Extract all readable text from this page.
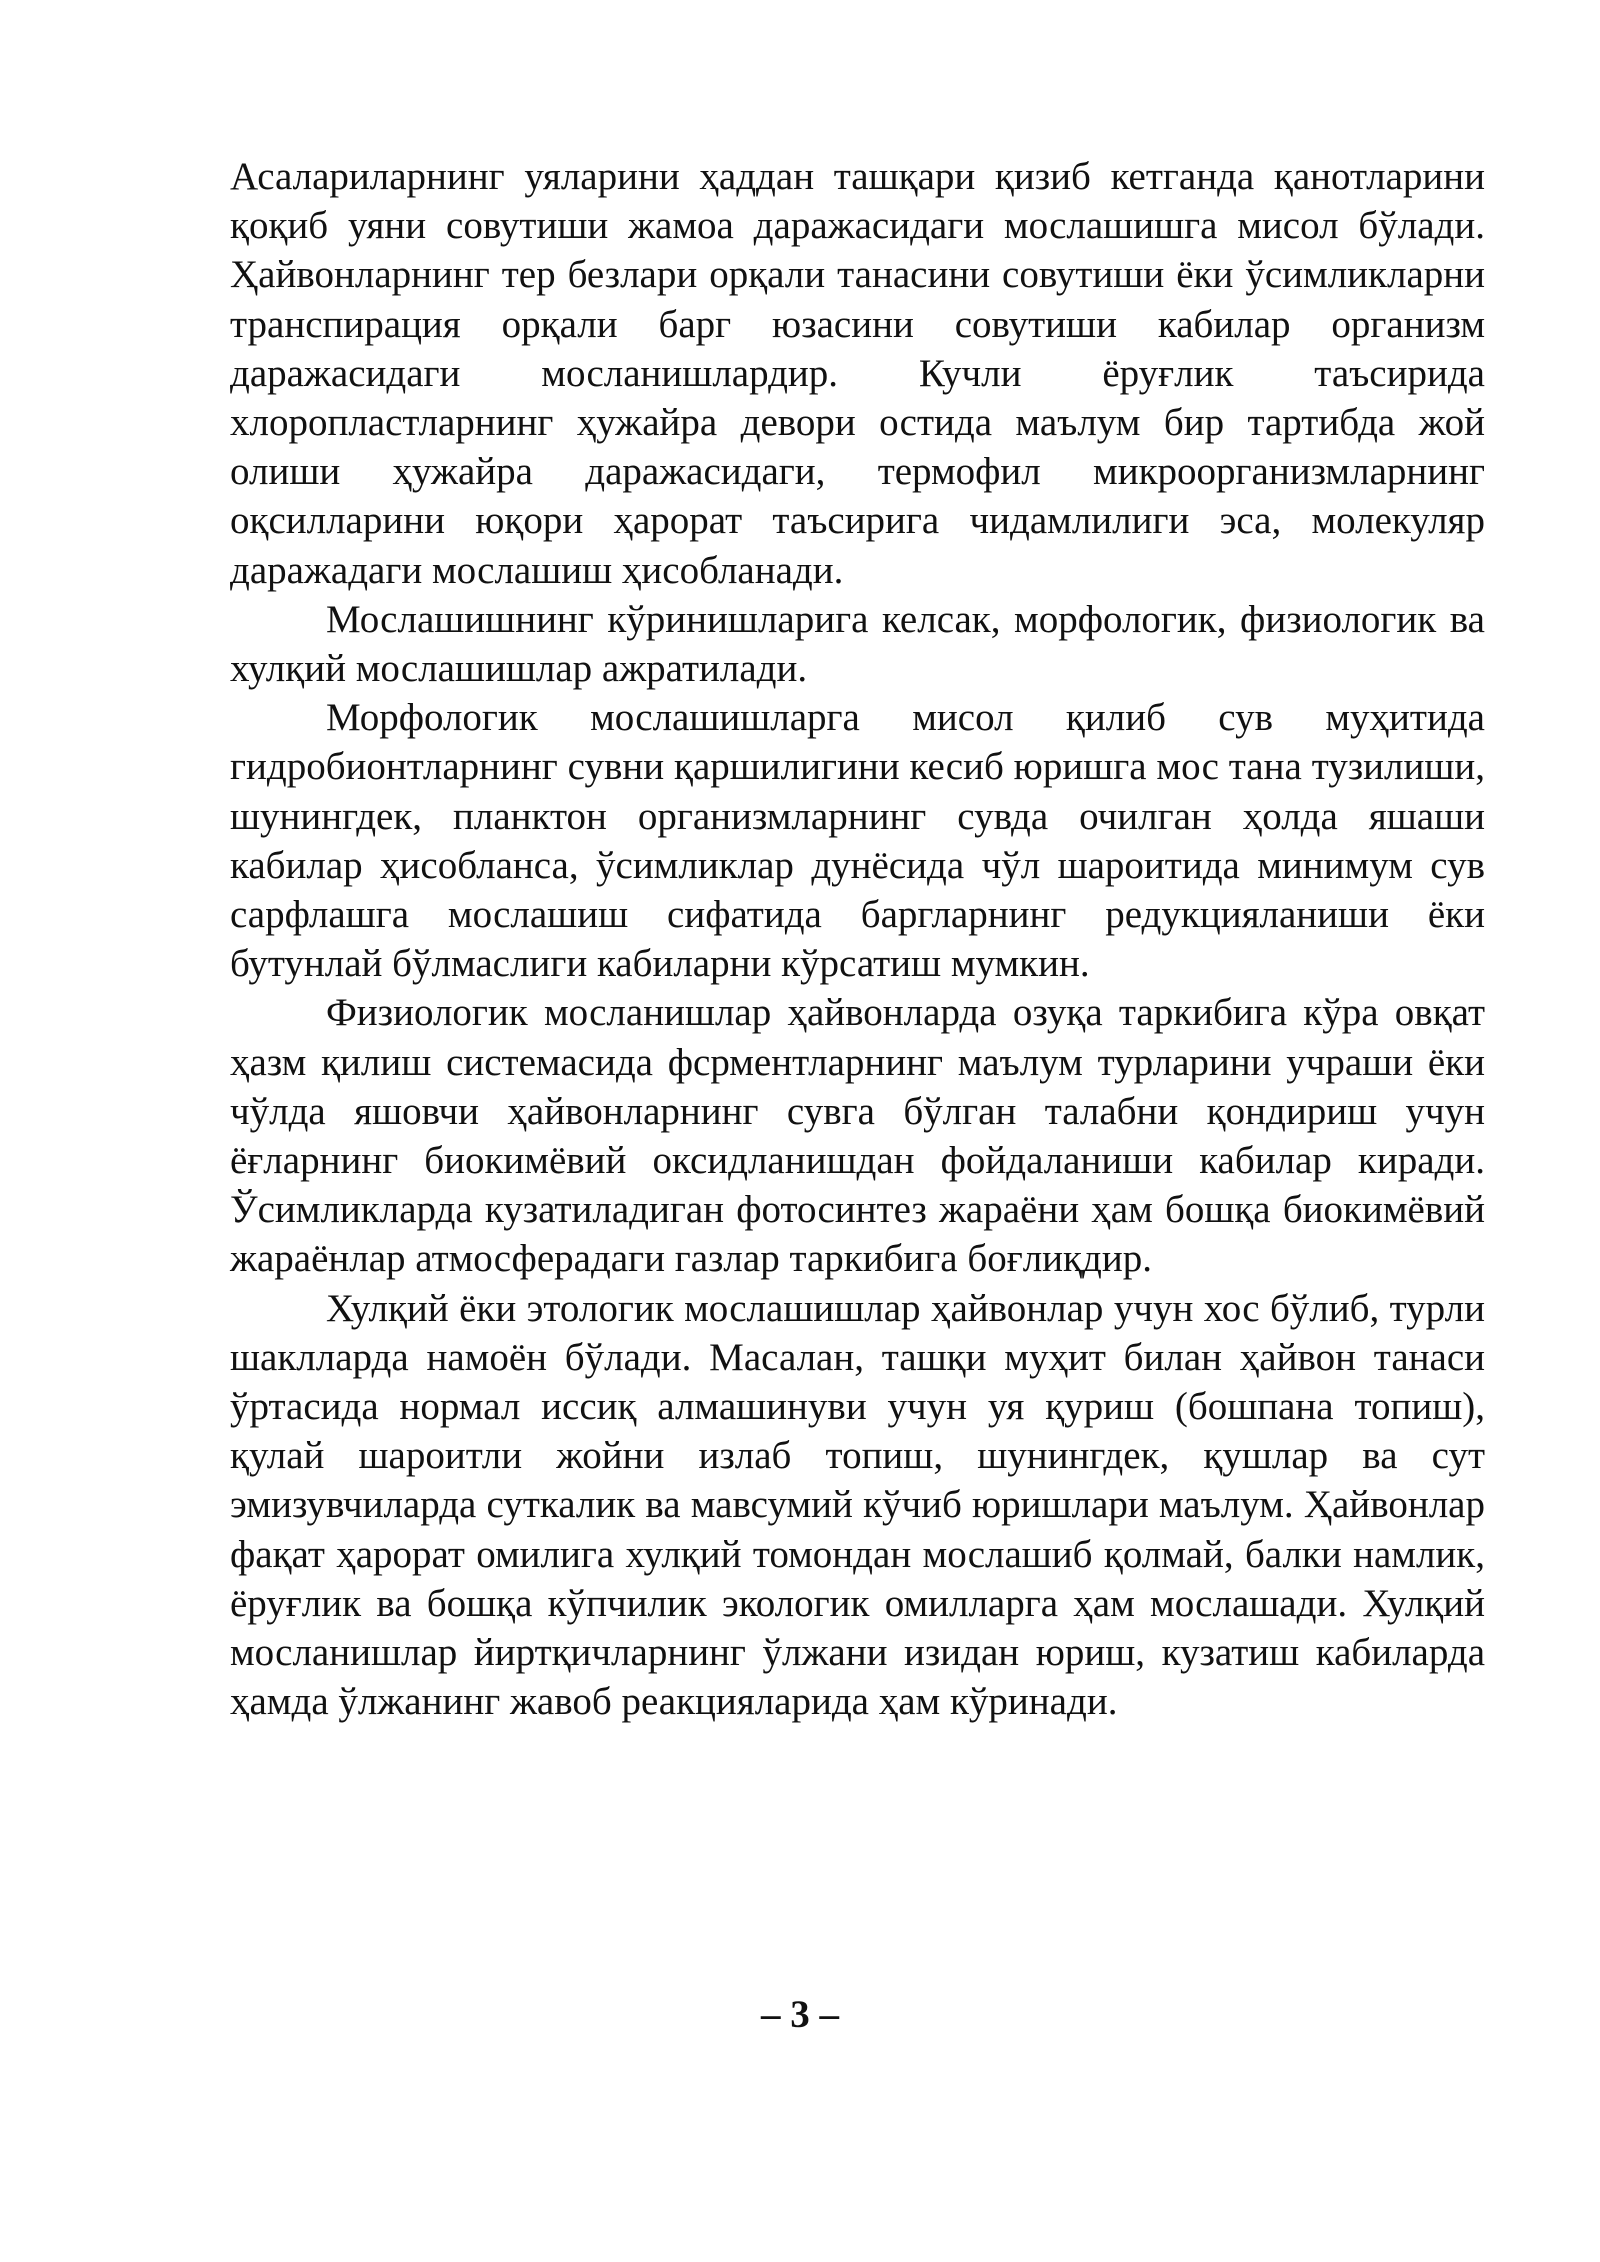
Асалариларнинг уяларини ҳаддан ташқари қизиб кетганда қанотларини қоқиб уяни совутиши жамоа даражасидаги мослашишга мисол бўлади. Ҳайвонларнинг тер безлари орқали танасини совутиши ёки ўсимликларни транспирация орқали барг юзасини совутиши кабилар организм даражасидаги мосланишлардир. Кучли ёруғлик таъсирида хлоропластларнинг ҳужайра девори остида маълум бир тартибда жой олиши ҳужайра даражасидаги, термофил микроорганизмларнинг оқсилларини юқори ҳарорат таъсирига чидамлилиги эса, молекуляр даражадаги мослашиш ҳисобланади.

Мослашишнинг кўринишларига келсак, морфологик, физиологик ва хулқий мослашишлар ажратилади.

Морфологик мослашишларга мисол қилиб сув муҳитида гидробионтларнинг сувни қаршилигини кесиб юришга мос тана тузилиши, шунингдек, планктон организмларнинг сувда очилган ҳолда яшаши кабилар ҳисобланса, ўсимликлар дунёсида чўл шароитида минимум сув сарфлашга мослашиш сифатида баргларнинг редукцияланиши ёки бутунлай бўлмаслиги кабиларни кўрсатиш мумкин.

Физиологик мосланишлар ҳайвонларда озуқа таркибига кўра овқат ҳазм қилиш системасида фсрментларнинг маълум турларини учраши ёки чўлда яшовчи ҳайвонларнинг сувга бўлган талабни қондириш учун ёғларнинг биокимёвий оксидланишдан фойдаланиши кабилар киради. Ўсимликларда кузатиладиган фотосинтез жараёни ҳам бошқа биокимёвий жараёнлар атмосферадаги газлар таркибига боғлиқдир.

Хулқий ёки этологик мослашишлар ҳайвонлар учун хос бўлиб, турли шаклларда намоён бўлади. Масалан, ташқи муҳит билан ҳайвон танаси ўртасида нормал иссиқ алмашинуви учун уя қуриш (бошпана топиш), қулай шароитли жойни излаб топиш, шунингдек, қушлар ва сут эмизувчиларда суткалик ва мавсумий кўчиб юришлари маълум. Ҳайвонлар фақат ҳарорат омилига хулқий томондан мослашиб қолмай, балки намлик, ёруғлик ва бошқа кўпчилик экологик омилларга ҳам мослашади. Хулқий мосланишлар йиртқичларнинг ўлжани изидан юриш, кузатиш кабиларда ҳамда ўлжанинг жавоб реакцияларида ҳам кўринади.

– 3 –
